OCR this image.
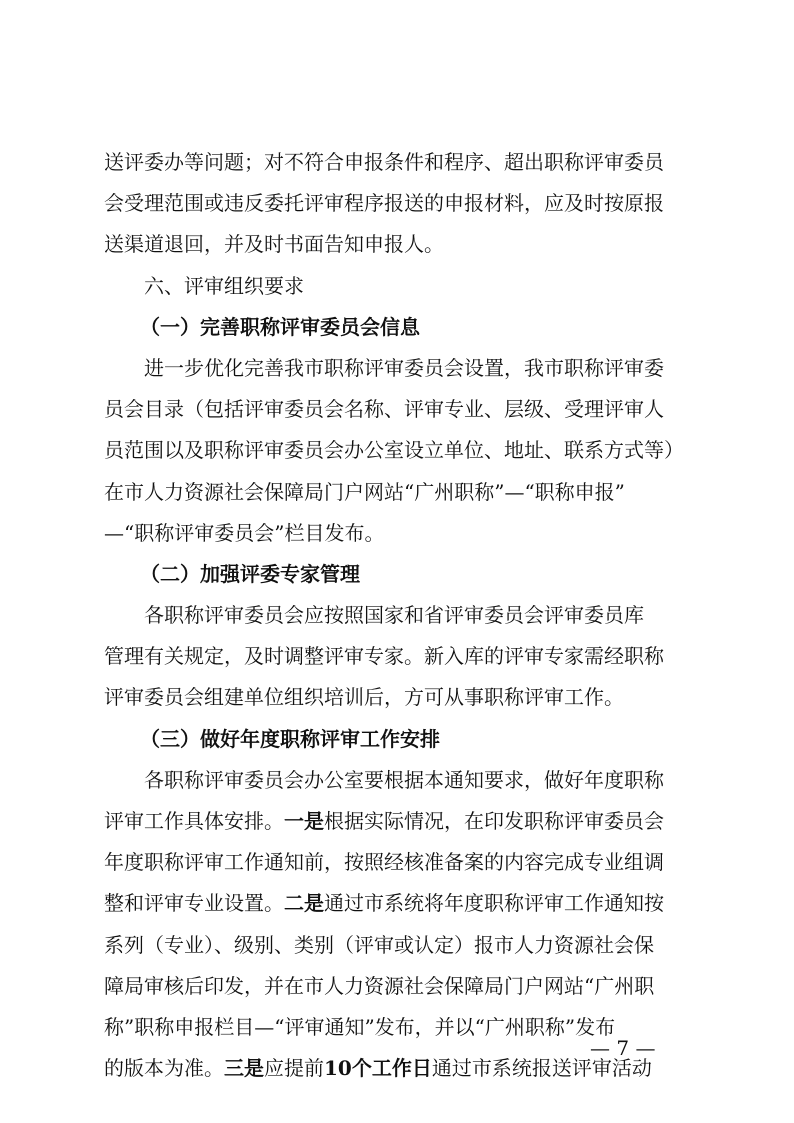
送评委办等问题；对不符合申报条件和程序、超出职称评审委员
会受理范围或违反委托评审程序报送的申报材料，应及时按原报
送渠道退回，并及时书面告知申报人。
六、评审组织要求
（一）完善职称评审委员会信息
进一步优化完善我市职称评审委员会设置，我市职称评审委
员会目录（包括评审委员会名称、评审专业、层级、受理评审人
员范围以及职称评审委员会办公室设立单位、地址、联系方式等）
在市人力资源社会保障局门户网站“广州职称”—“职称申报”
—“职称评审委员会”栏目发布。
（二）加强评委专家管理
各职称评审委员会应按照国家和省评审委员会评审委员库
管理有关规定，及时调整评审专家。新入库的评审专家需经职称
评审委员会组建单位组织培训后，方可从事职称评审工作。
（三）做好年度职称评审工作安排
各职称评审委员会办公室要根据本通知要求，做好年度职称
评审工作具体安排。一是根据实际情况，在印发职称评审委员会
年度职称评审工作通知前，按照经核准备案的内容完成专业组调
整和评审专业设置。二是通过市系统将年度职称评审工作通知按
系列（专业）、级别、类别（评审或认定）报市人力资源社会保
障局审核后印发，并在市人力资源社会保障局门户网站“广州职
称”职称申报栏目—“评审通知”发布，并以“广州职称”发布
的版本为准。三是应提前10个工作日通过市系统报送评审活动
— 7 —
